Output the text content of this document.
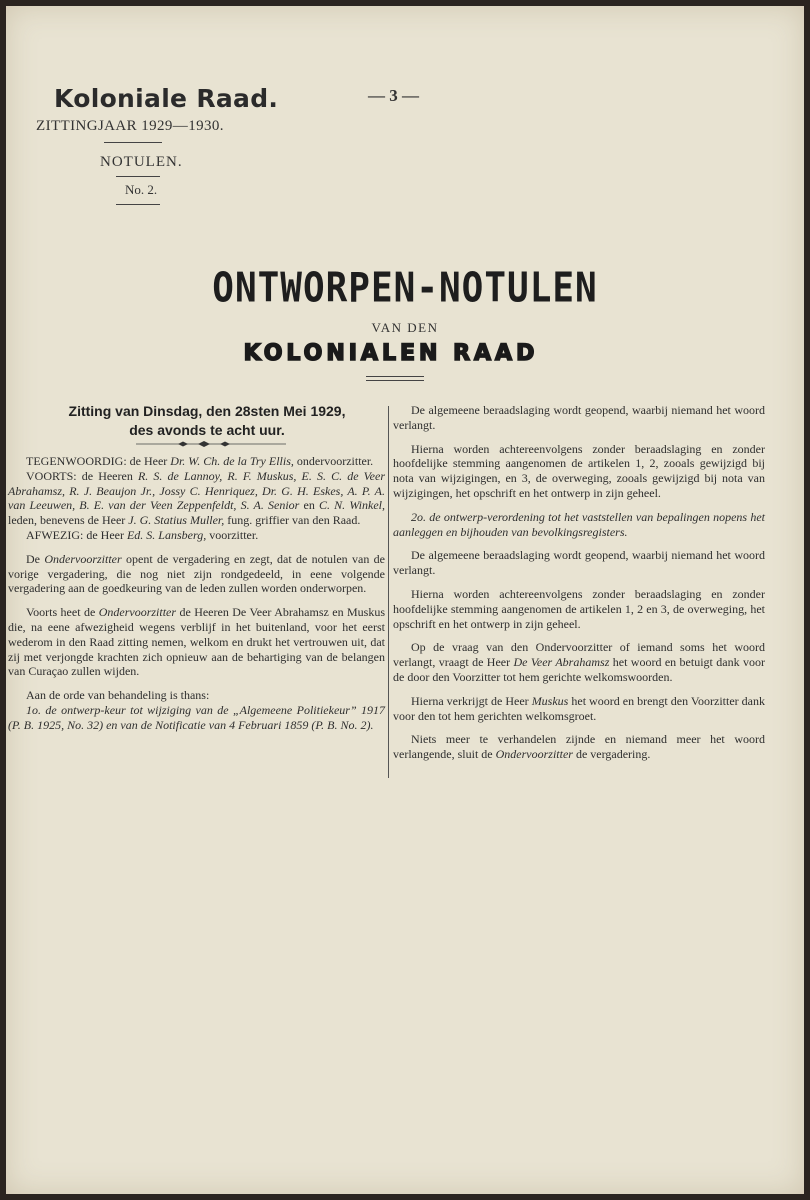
Koloniale Raad.
ZITTINGJAAR 1929—1930.
— 3 —
NOTULEN.
No. 2.
ONTWORPEN-NOTULEN
VAN DEN
KOLONIALEN RAAD
Zitting van Dinsdag, den 28sten Mei 1929,
des avonds te acht uur.

TEGENWOORDIG: de Heer Dr. W. Ch. de la Try Ellis, ondervoorzitter.

VOORTS: de Heeren R. S. de Lannoy, R. F. Muskus, E. S. C. de Veer Abrahamsz, R. J. Beaujon Jr., Jossy C. Henriquez, Dr. G. H. Eskes, A. P. A. van Leeuwen, B. E. van der Veen Zeppenfeldt, S. A. Senior en C. N. Winkel, leden, benevens de Heer J. G. Statius Muller, fung. griffier van den Raad.

AFWEZIG: de Heer Ed. S. Lansberg, voorzitter.

De Ondervoorzitter opent de vergadering en zegt, dat de notulen van de vorige vergadering, die nog niet zijn rondgedeeld, in eene volgende vergadering aan de goedkeuring van de leden zullen worden onderworpen.

Voorts heet de Ondervoorzitter de Heeren De Veer Abrahamsz en Muskus die, na eene afwezigheid wegens verblijf in het buitenland, voor het eerst wederom in den Raad zitting nemen, welkom en drukt het vertrouwen uit, dat zij met verjongde krachten zich opnieuw aan de behartiging van de belangen van Curaçao zullen wijden.

Aan de orde van behandeling is thans:

1o. de ontwerp-keur tot wijziging van de „Algemeene Politiekeur” 1917 (P. B. 1925, No. 32) en van de Notificatie van 4 Februari 1859 (P. B. No. 2).

De algemeene beraadslaging wordt geopend, waarbij niemand het woord verlangt.

Hierna worden achtereenvolgens zonder beraadslaging en zonder hoofdelijke stemming aangenomen de artikelen 1, 2, zooals gewijzigd bij nota van wijzigingen, en 3, de overweging, zooals gewijzigd bij nota van wijzigingen, het opschrift en het ontwerp in zijn geheel.

2o. de ontwerp-verordening tot het vaststellen van bepalingen nopens het aanleggen en bijhouden van bevolkingsregisters.

De algemeene beraadslaging wordt geopend, waarbij niemand het woord verlangt.

Hierna worden achtereenvolgens zonder beraadslaging en zonder hoofdelijke stemming aangenomen de artikelen 1, 2 en 3, de overweging, het opschrift en het ontwerp in zijn geheel.

Op de vraag van den Ondervoorzitter of iemand soms het woord verlangt, vraagt de Heer De Veer Abrahamsz het woord en betuigt dank voor de door den Voorzitter tot hem gerichte welkomswoorden.

Hierna verkrijgt de Heer Muskus het woord en brengt den Voorzitter dank voor den tot hem gerichten welkomsgroet.

Niets meer te verhandelen zijnde en niemand meer het woord verlangende, sluit de Ondervoorzitter de vergadering.
